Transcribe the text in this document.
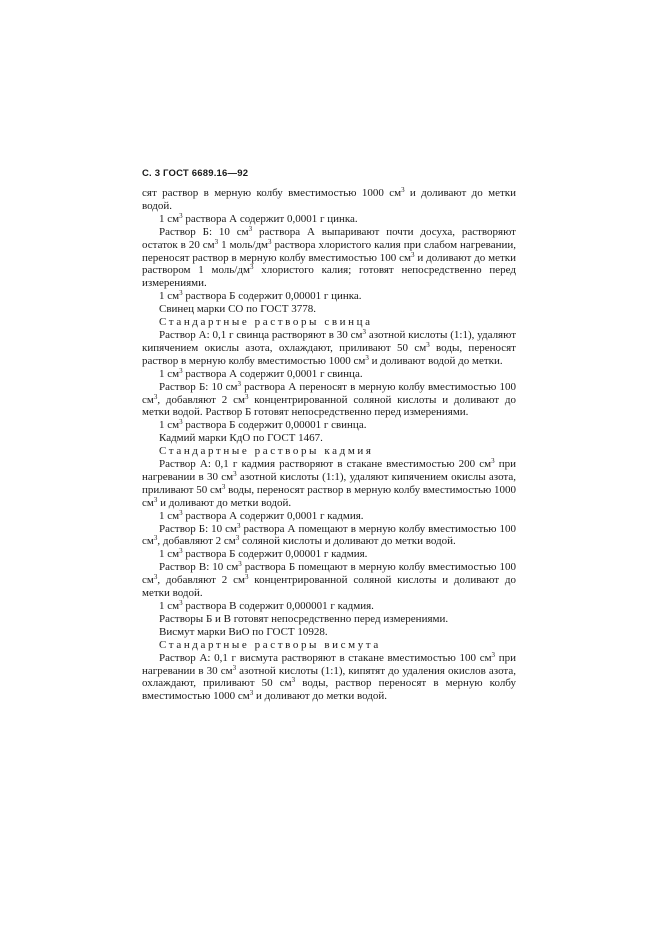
С. 3 ГОСТ 6689.16—92

сят раствор в мерную колбу вместимостью 1000 $см^3$ и доливают до метки водой.

1 $см^3$ раствора А содержит 0,0001 г цинка.

Раствор Б: 10 $см^3$ раствора А выпаривают почти досуха, растворяют остаток в 20 $см^3$ 1 моль/$дм^3$ раствора хлористого калия при слабом нагревании, переносят раствор в мерную колбу вместимостью 100 $см^3$ и доливают до метки раствором 1 моль/$дм^3$ хлористого калия; готовят непосредственно перед измерениями.

1 $см^3$ раствора Б содержит 0,00001 г цинка.

Свинец марки СО по ГОСТ 3778.

Стандартные растворы свинца

Раствор А: 0,1 г свинца растворяют в 30 $см^3$ азотной кислоты (1:1), удаляют кипячением окислы азота, охлаждают, приливают 50 $см^3$ воды, переносят раствор в мерную колбу вместимостью 1000 $см^3$ и доливают водой до метки.

1 $см^3$ раствора А содержит 0,0001 г свинца.

Раствор Б: 10 $см^3$ раствора А переносят в мерную колбу вместимостью 100 $см^3$, добавляют 2 $см^3$ концентрированной соляной кислоты и доливают до метки водой. Раствор Б готовят непосредственно перед измерениями.

1 $см^3$ раствора Б содержит 0,00001 г свинца.

Кадмий марки КдО по ГОСТ 1467.

Стандартные растворы кадмия

Раствор А: 0,1 г кадмия растворяют в стакане вместимостью 200 $см^3$ при нагревании в 30 $см^3$ азотной кислоты (1:1), удаляют кипячением окислы азота, приливают 50 $см^3$ воды, переносят раствор в мерную колбу вместимостью 1000 $см^3$ и доливают до метки водой.

1 $см^3$ раствора А содержит 0,0001 г кадмия.

Раствор Б: 10 $см^3$ раствора А помещают в мерную колбу вместимостью 100 $см^3$, добавляют 2 $см^3$ соляной кислоты и доливают до метки водой.

1 $см^3$ раствора Б содержит 0,00001 г кадмия.

Раствор В: 10 $см^3$ раствора Б помещают в мерную колбу вместимостью 100 $см^3$, добавляют 2 $см^3$ концентрированной соляной кислоты и доливают до метки водой.

1 $см^3$ раствора В содержит 0,000001 г кадмия.

Растворы Б и В готовят непосредственно перед измерениями.

Висмут марки ВиО по ГОСТ 10928.

Стандартные растворы висмута

Раствор А: 0,1 г висмута растворяют в стакане вместимостью 100 $см^3$ при нагревании в 30 $см^3$ азотной кислоты (1:1), кипятят до удаления окислов азота, охлаждают, приливают 50 $см^3$ воды, раствор переносят в мерную колбу вместимостью 1000 $см^3$ и доливают до метки водой.
